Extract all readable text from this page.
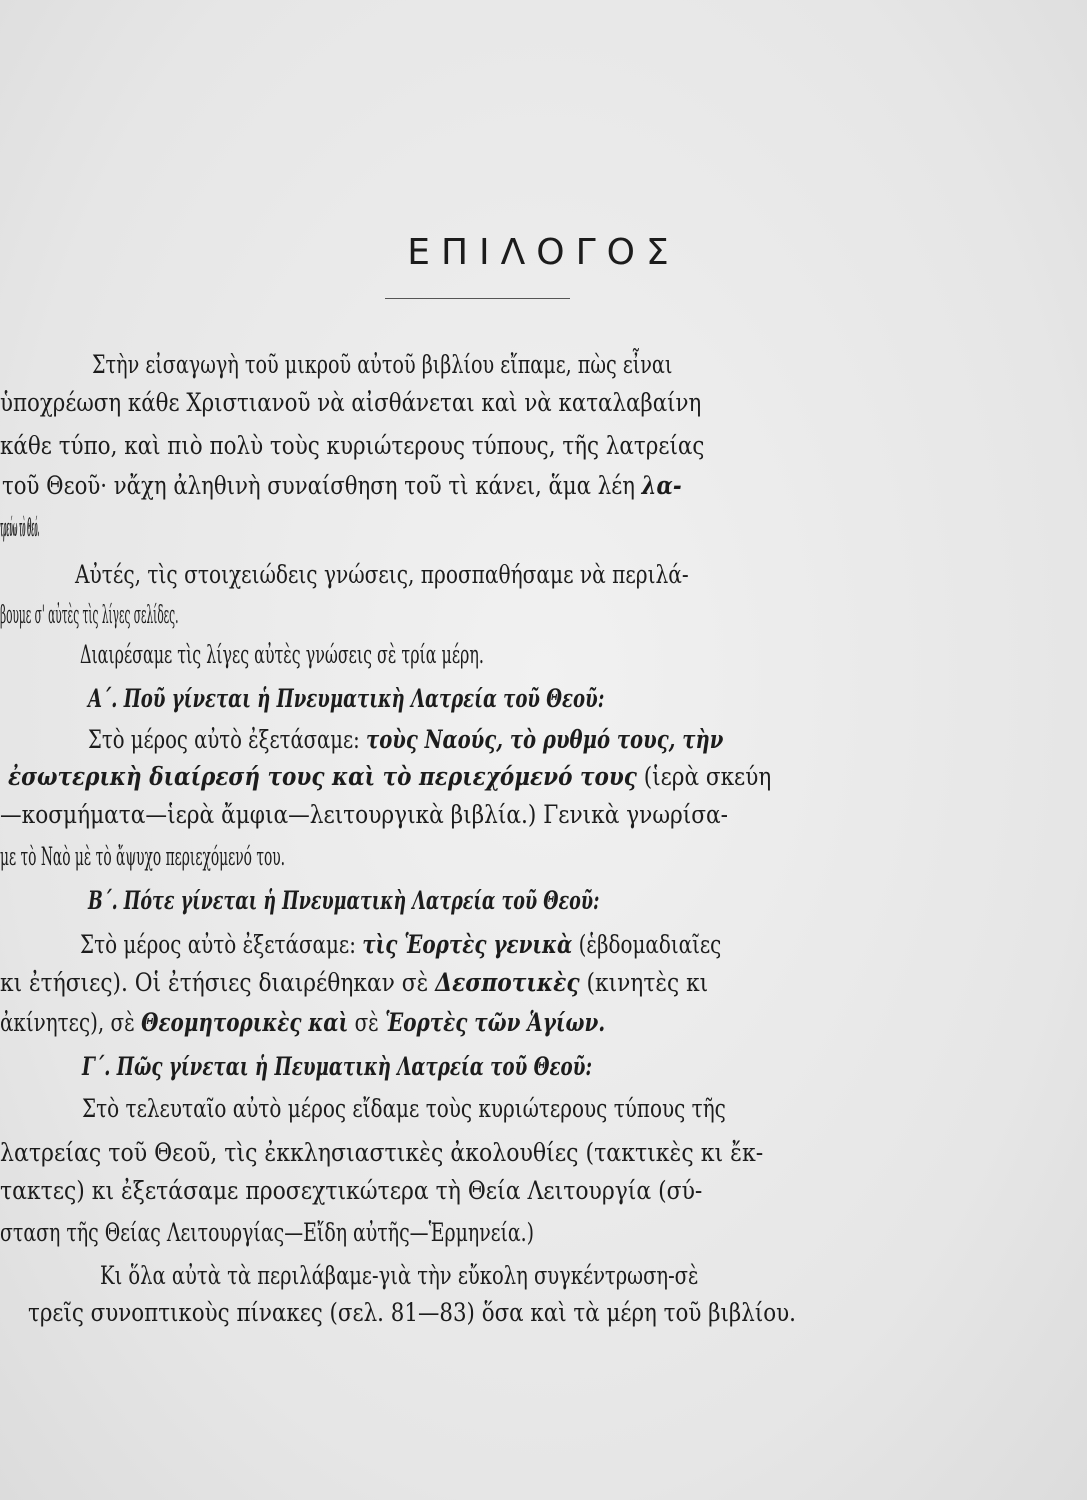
ΕΠΙΛΟΓΟΣ
Στὴν εἰσαγωγὴ τοῦ μικροῦ αὐτοῦ βιβλίου εἴπαμε, πὼς εἶναι
ὑποχρέωση κάθε Χριστιανοῦ νὰ αἰσθάνεται καὶ νὰ καταλαβαίνη
κάθε τύπο, καὶ πιὸ πολὺ τοὺς κυριώτερους τύπους, τῆς λατρείας
τοῦ Θεοῦ· νἄχη ἀληθινὴ συναίσθηση τοῦ τὶ κάνει, ἅμα λέη λα-
τρεύω τὸ Θεό.
Αὐτές, τὶς στοιχειώδεις γνώσεις, προσπαθήσαμε νὰ περιλά-
βουμε σ' αὐτὲς τὶς λίγες σελίδες.
Διαιρέσαμε τὶς λίγες αὐτὲς γνώσεις σὲ τρία μέρη.
Α΄. Ποῦ γίνεται ἡ Πνευματικὴ Λατρεία τοῦ Θεοῦ:
Στὸ μέρος αὐτὸ ἐξετάσαμε: τοὺς Ναούς, τὸ ρυθμό τους, τὴν
ἐσωτερικὴ διαίρεσή τους καὶ τὸ περιεχόμενό τους (ἱερὰ σκεύη
—κοσμήματα—ἱερὰ ἄμφια—λειτουργικὰ βιβλία.) Γενικὰ γνωρίσα-
με τὸ Ναὸ μὲ τὸ ἄψυχο περιεχόμενό του.
Β΄. Πότε γίνεται ἡ Πνευματικὴ Λατρεία τοῦ Θεοῦ:
Στὸ μέρος αὐτὸ ἐξετάσαμε: τὶς Ἑορτὲς γενικὰ (ἑβδομαδιαῖες
κι ἐτήσιες). Οἱ ἐτήσιες διαιρέθηκαν σὲ Δεσποτικὲς (κινητὲς κι
ἀκίνητες), σὲ Θεομητορικὲς καὶ σὲ Ἑορτὲς τῶν Ἁγίων.
Γ΄. Πῶς γίνεται ἡ Πευματικὴ Λατρεία τοῦ Θεοῦ:
Στὸ τελευταῖο αὐτὸ μέρος εἴδαμε τοὺς κυριώτερους τύπους τῆς
λατρείας τοῦ Θεοῦ, τὶς ἐκκλησιαστικὲς ἀκολουθίες (τακτικὲς κι ἔκ-
τακτες) κι ἐξετάσαμε προσεχτικώτερα τὴ Θεία Λειτουργία (σύ-
σταση τῆς Θείας Λειτουργίας—Εἴδη αὐτῆς—Ἑρμηνεία.)
Κι ὅλα αὐτὰ τὰ περιλάβαμε-γιὰ τὴν εὔκολη συγκέντρωση-σὲ
τρεῖς συνοπτικοὺς πίνακες (σελ. 81—83) ὅσα καὶ τὰ μέρη τοῦ βιβλίου.
